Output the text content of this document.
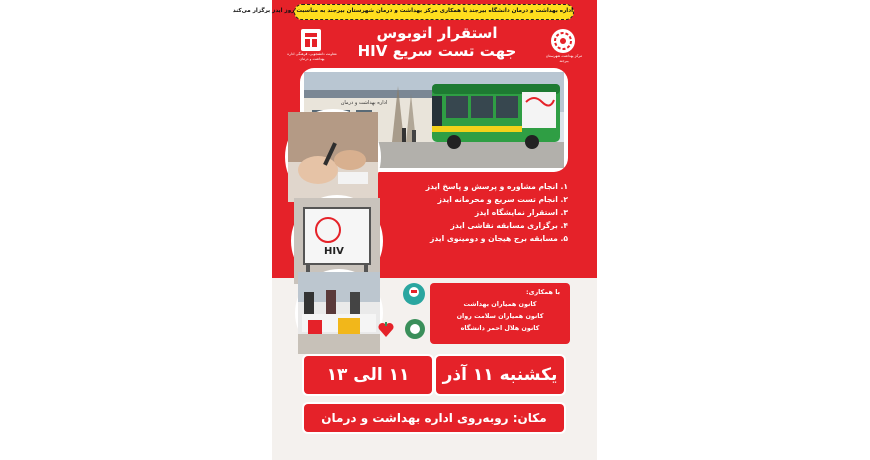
اداره بهداشت و درمان دانشگاه بیرجند با همکاری مرکز بهداشت و درمان شهرستان بیرجند به مناسبت روز ایدز برگزار می‌کند
معاونت دانشجویی، فرهنگی اداره بهداشت و درمان
مرکز بهداشت شهرستان بیرجند
استقرار اتوبوس
جهت تست سریع HIV
اداره بهداشت و درمان
HIV
۱. انجام مشاوره و پرسش و پاسخ ایدز
۲. انجام تست سریع و محرمانه ایدز
۳. استقرار نمایشگاه ایدز
۴. برگزاری مسابقه نقاشی ایدز
۵. مسابقه برج هیجان و دومینوی ایدز
با همکاری:
کانون همیاران بهداشت
کانون همیاران سلامت روان
کانون هلال احمر دانشگاه
یکشنبه ۱۱ آذر
۱۱ الی ۱۳
مکان: روبه‌روی اداره بهداشت و درمان
